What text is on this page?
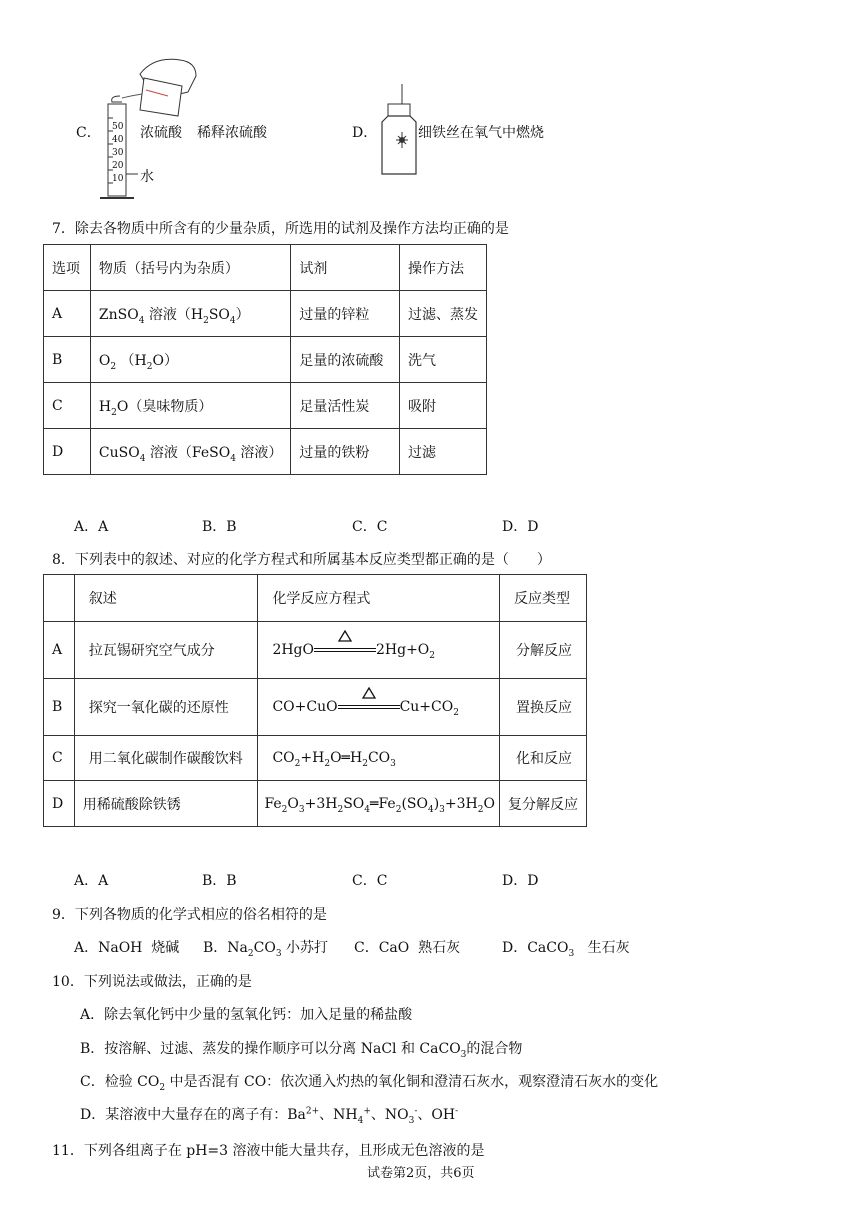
C． 50
40
30
20
10
浓硫酸 稀释浓硫酸
水
D．	细铁丝在氧气中燃烧
7．除去各物质中所含有的少量杂质，所选用的试剂及操作方法均正确的是
选项	物质（括号内为杂质）	试剂	操作方法
A	ZnSO$_4$ 溶液$(H_2SO_4)$	过量的锌粒	过滤、蒸发
B	$O_2$ $(H_2O)$	足量的浓硫酸	洗气
C	$H_2O$（臭味物质）	足量活性炭	吸附
D	CuSO$_4$ 溶液（FeSO$_4$ 溶液）	过量的铁粉	过滤
A．A	B．B	C．C	D．D
8．下列表中的叙述、对应的化学方程式和所属基本反应类型都正确的是（　　）
	叙述	化学反应方程式	反应类型
A	拉瓦锡研究空气成分	2HgO $2Hg+O_2$	分解反应
B	探究一氧化碳的还原性	CO+CuO $Cu+CO_2$	置换反应
C	用二氧化碳制作碳酸饮料	$CO_2+H_2O═H_2CO_3$	化和反应
D	用稀硫酸除铁锈	$Fe_2O_3+3H_2SO_4═Fe_2(SO_4)_3+3H_2O$	复分解反应
A．A	B．B	C．C	D．D
9．下列各物质的化学式相应的俗名相符的是
A．NaOH  烧碱 B．$Na_2CO_3$ 小苏打 C．CaO  熟石灰	D．CaCO$_3$ 生石灰
10．下列说法或做法，正确的是
A．除去氧化钙中少量的氢氧化钙：加入足量的稀盐酸
B．按溶解、过滤、蒸发的操作顺序可以分离 NaCl 和 CaCO$_3$的混合物
C．检验 $CO_2$ 中是否混有 CO：依次通入灼热的氧化铜和澄清石灰水，观察澄清石灰水的变化
D．某溶液中大量存在的离子有：$Ba^{2+}$、$NH_4^+$、$NO_3^-$、OH-
11．下列各组离子在 pH=3 溶液中能大量共存，且形成无色溶液的是
试卷第2页，共6页
